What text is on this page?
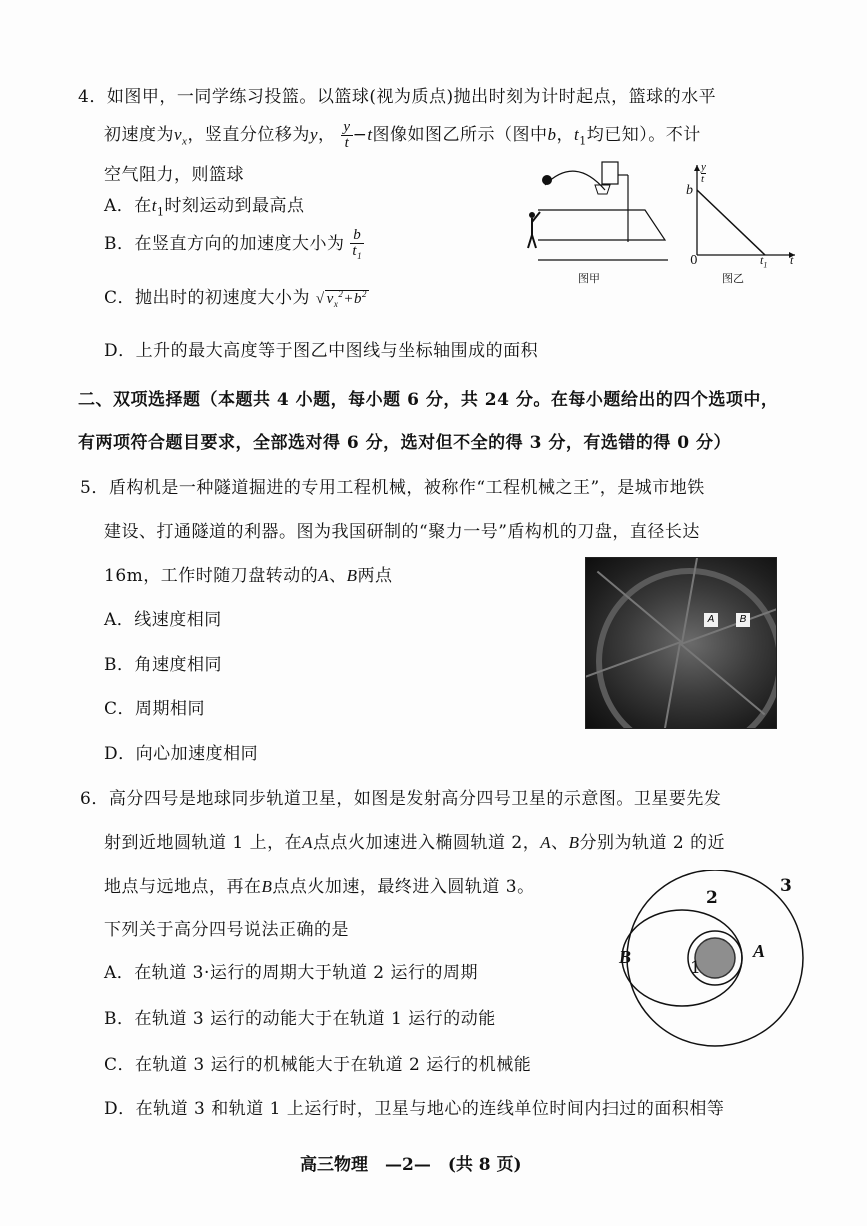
4．如图甲，一同学练习投篮。以篮球(视为质点)抛出时刻为计时起点，篮球的水平
初速度为$v_x$，竖直分位移为y， $\frac{y}{t} -t$图像如图乙所示（图中b，$t_1$均已知）。不计
空气阻力，则篮球
A．在$t_1$时刻运动到最高点
B．在竖直方向的加速度大小为 $\frac{b}{t_1}$
C．抛出时的初速度大小为 √ $v_x^2+b^2$
D．上升的最大高度等于图乙中图线与坐标轴围成的面积
图甲
$\frac{y}{t}$
b
0	$t_1$ t
图乙
二、双项选择题（本题共 4 小题，每小题 6 分，共 24 分。在每小题给出的四个选项中，
有两项符合题目要求，全部选对得 6 分，选对但不全的得 3 分，有选错的得 0 分）
5．盾构机是一种隧道掘进的专用工程机械，被称作“工程机械之王”，是城市地铁
建设、打通隧道的利器。图为我国研制的“聚力一号”盾构机的刀盘，直径长达
16m，工作时随刀盘转动的A、B两点
A．线速度相同
B．角速度相同
C．周期相同
D．向心加速度相同
A	B
6．高分四号是地球同步轨道卫星，如图是发射高分四号卫星的示意图。卫星要先发
射到近地圆轨道 1 上，在A点点火加速进入椭圆轨道 2，A、B分别为轨道 2 的近
地点与远地点，再在B点点火加速，最终进入圆轨道 3。
下列关于高分四号说法正确的是
A．在轨道 3·运行的周期大于轨道 2 运行的周期
B．在轨道 3 运行的动能大于在轨道 1 运行的动能
C．在轨道 3 运行的机械能大于在轨道 2 运行的机械能
D．在轨道 3 和轨道 1 上运行时，卫星与地心的连线单位时间内扫过的面积相等
3
2
1
A
B
高三物理　—2—　(共 8 页)
